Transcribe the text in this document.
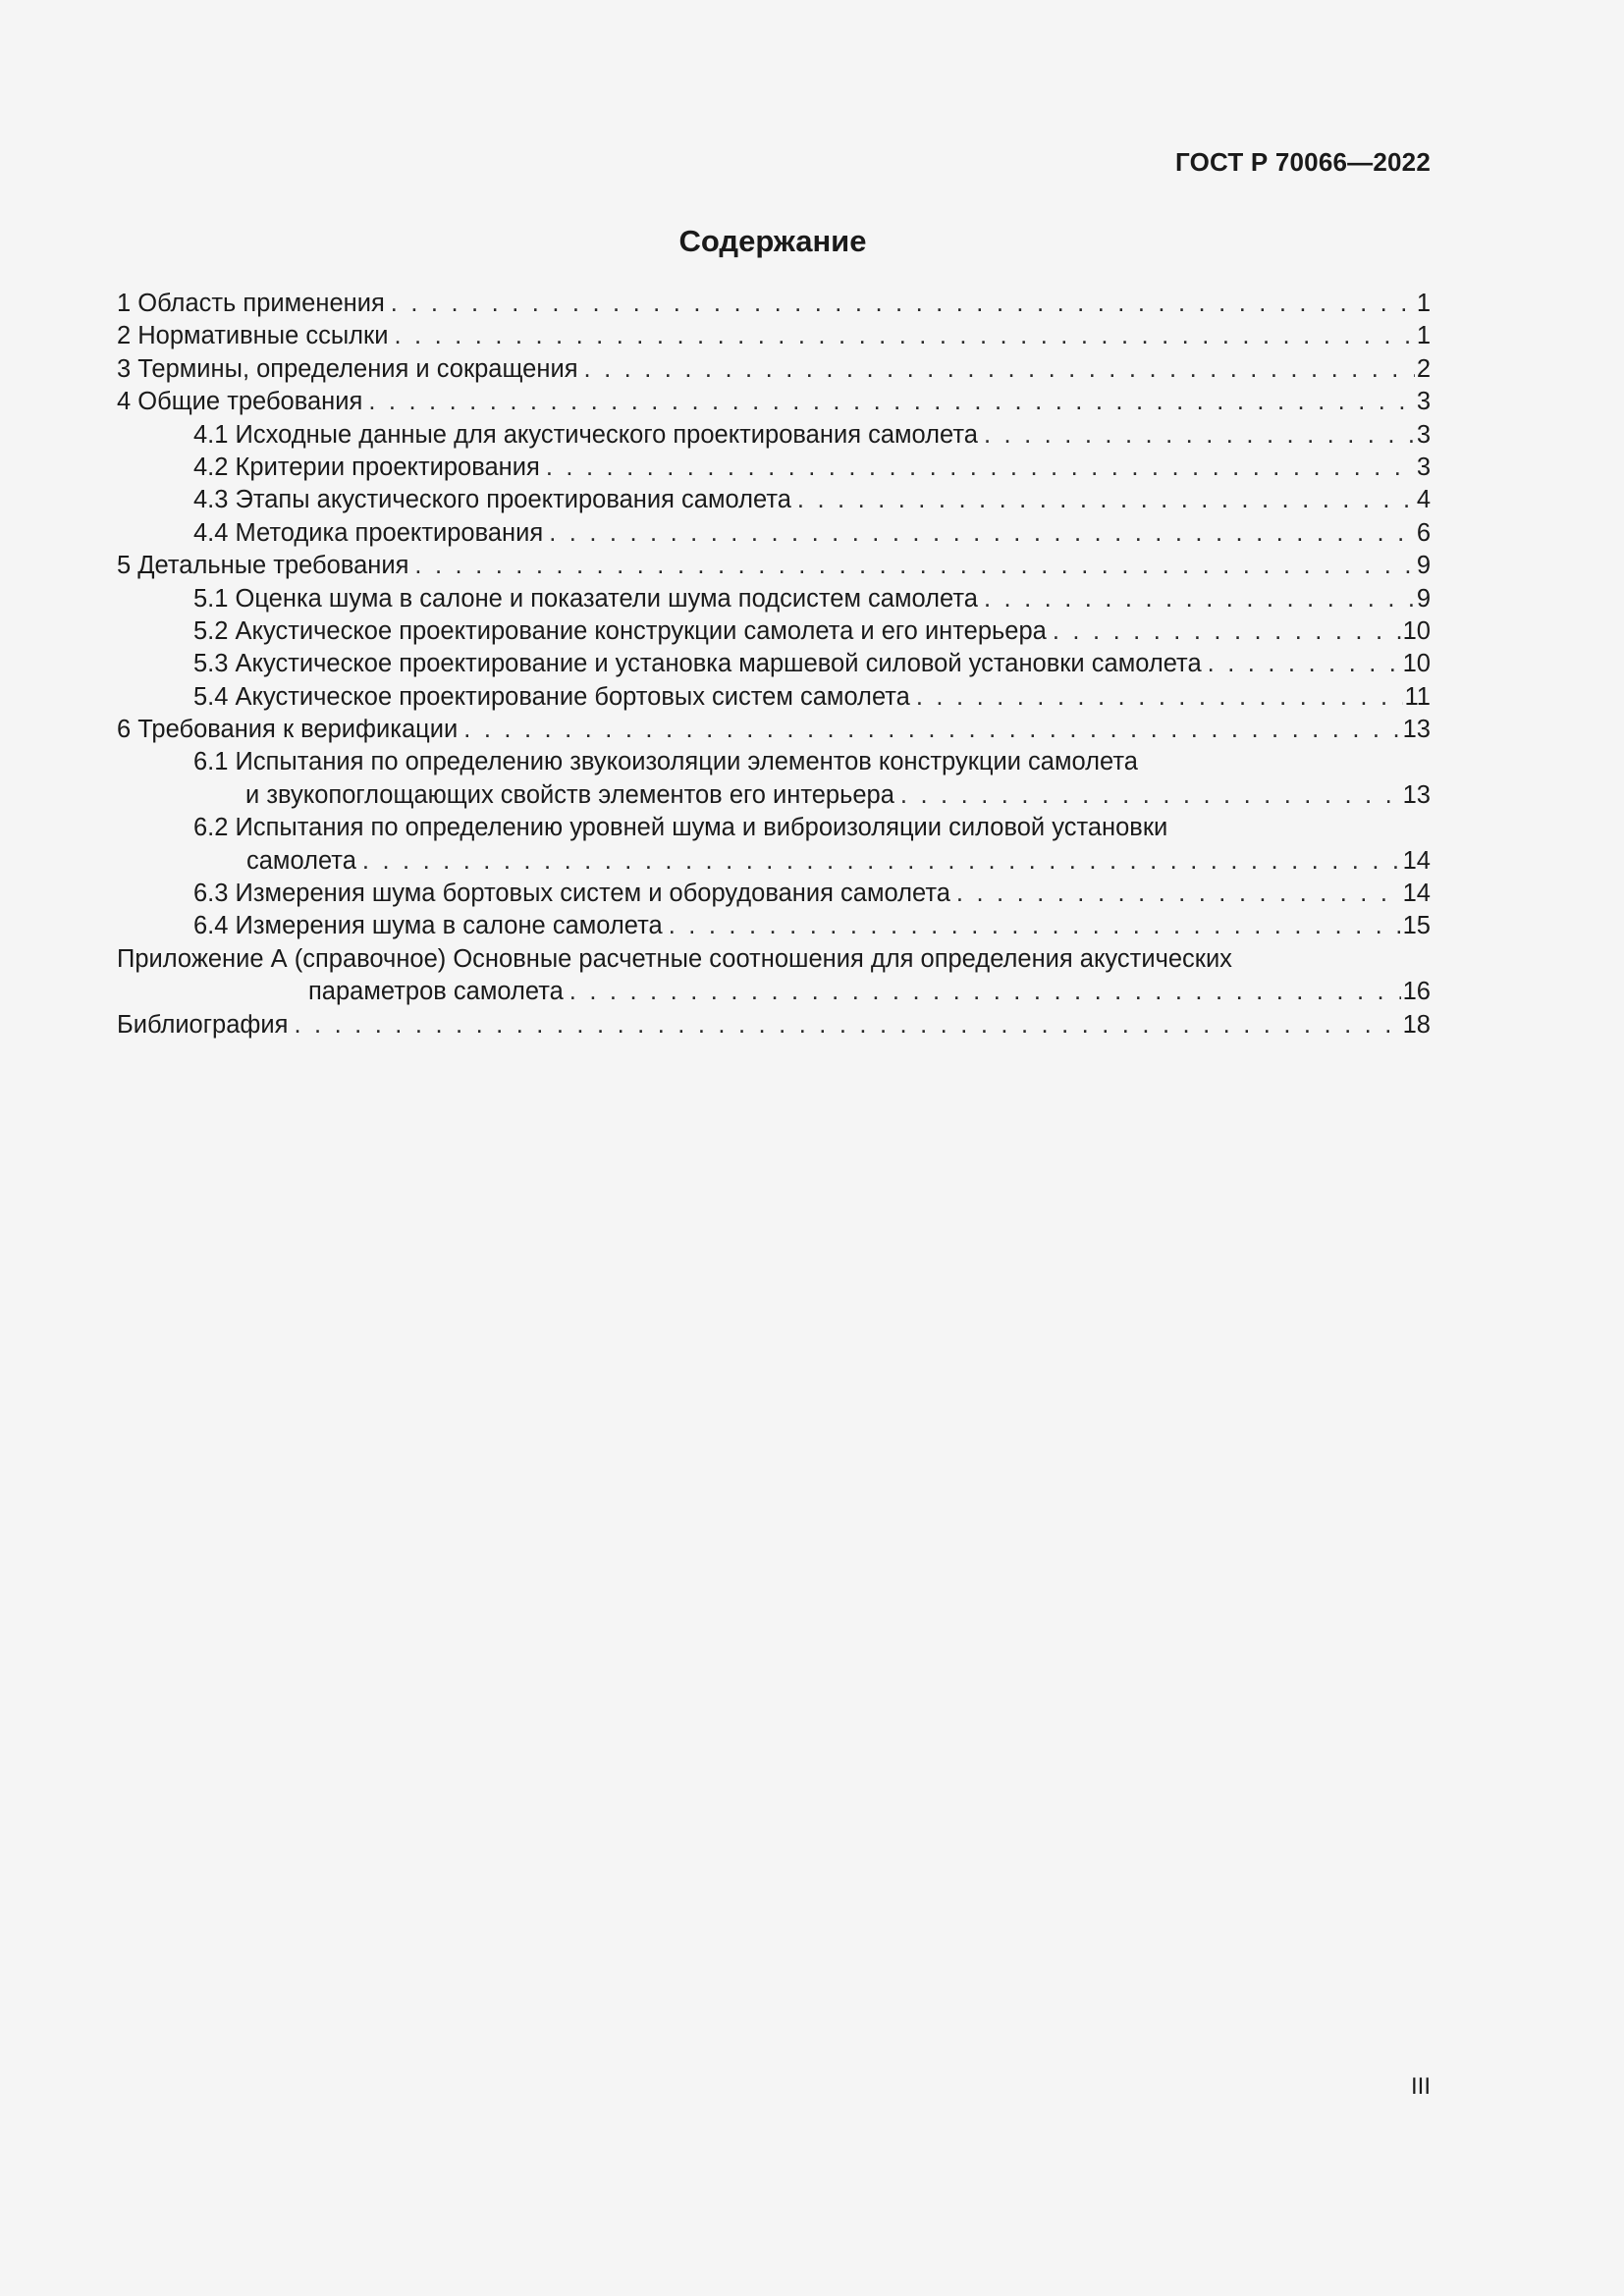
ГОСТ Р 70066—2022
Содержание
1 Область применения . . .	1
2 Нормативные ссылки . . .	1
3 Термины, определения и сокращения . . .	2
4 Общие требования . . .	3
4.1 Исходные данные для акустического проектирования самолета . . .	3
4.2 Критерии проектирования . . .	3
4.3 Этапы акустического проектирования самолета . . .	4
4.4 Методика проектирования . . .	6
5 Детальные требования . . .	9
5.1 Оценка шума в салоне и показатели шума подсистем самолета . . .	9
5.2 Акустическое проектирование конструкции самолета и его интерьера . . .	10
5.3 Акустическое проектирование и установка маршевой силовой установки самолета . . .	10
5.4 Акустическое проектирование бортовых систем самолета . . .	11
6 Требования к верификации . . .	13
6.1 Испытания по определению звукоизоляции элементов конструкции самолета
и звукопоглощающих свойств элементов его интерьера . . .	13
6.2 Испытания по определению уровней шума и виброизоляции силовой установки
самолета . . .	14
6.3 Измерения шума бортовых систем и оборудования самолета . . .	14
6.4 Измерения шума в салоне самолета . . .	15
Приложение А (справочное) Основные расчетные соотношения для определения акустических
параметров самолета . . .	16
Библиография . . .	18
III
